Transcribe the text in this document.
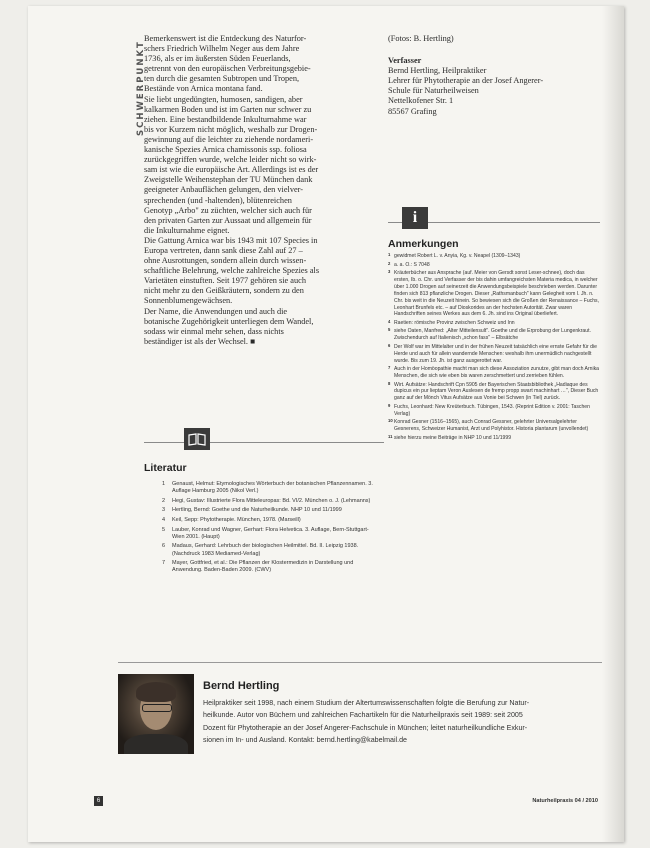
SCHWERPUNKT

Bemerkenswert ist die Entdeckung des Naturfor-

schers Friedrich Wilhelm Neger aus dem Jahre

1736, als er im äußersten Süden Feuerlands,

getrennt von den europäischen Verbreitungsgebie-

ten durch die gesamten Subtropen und Tropen,

Bestände von Arnica montana fand.

Sie liebt ungedüngten, humosen, sandigen, aber

kalkarmen Boden und ist im Garten nur schwer zu

ziehen. Eine bestandbildende Inkulturnahme war

bis vor Kurzem nicht möglich, weshalb zur Drogen-

gewinnung auf die leichter zu ziehende nordameri-

kanische Spezies Arnica chamissonis ssp. foliosa

zurückgegriffen wurde, welche leider nicht so wirk-

sam ist wie die europäische Art. Allerdings ist es der

Zweigstelle Weihenstephan der TU München dank

geeigneter Anbauflächen gelungen, den vielver-

sprechenden (und -haltenden), blütenreichen

Genotyp „Arbo" zu züchten, welcher sich auch für

den privaten Garten zur Aussaat und allgemein für

die Inkulturnahme eignet.

Die Gattung Arnica war bis 1943 mit 107 Species in

Europa vertreten, dann sank diese Zahl auf 27 –

ohne Ausrottungen, sondern allein durch wissen-

schaftliche Belehrung, welche zahlreiche Spezies als

Varietäten einstuften. Seit 1977 gehören sie auch

nicht mehr zu den Geißkräutern, sondern zu den

Sonnenblumengewächsen.

Der Name, die Anwendungen und auch die

botanische Zugehörigkeit unterliegen dem Wandel,

sodass wir einmal mehr sehen, dass nichts

beständiger ist als der Wechsel. ■

(Fotos: B. Hertling)
Verfasser
Bernd Hertling, Heilpraktiker
Lehrer für Phytotherapie an der Josef Angerer-
Schule für Naturheilweisen
Nettelkofener Str. 1
85567 Grafing
i
Anmerkungen
1 gewidmet Robert L. v. Anyia, Kg. v. Neapel (1309–1343)
2 a. a. O.: S 7048
3 Kräuterbücher aus Ansprache (auf. Meier von Gersdt sonst Leser-schnee), doch das ersten, Ib. o. Chr. und Verfasser der bis dahin umfangreichsten Materia medica, in welcher über 1.000 Drogen auf seinerzeit die Anwendungsbeispiele beschrieben werden. Darunter finden sich 813 pflanzliche Drogen. Dieser „Rathsmanbuch" kann Gelegheit vom I. Jh. n. Chr. bis weit in die Neuzeit hinein. So bewiesen sich die Großen der Renaissance – Fuchs, Leonhart Brunfels etc. – auf Dioskorides an der hochsten Autorität. Zwar waren Handschriften seines Werkes aus dem 6. Jh. sind ins Original überliefert.
4 Raetien: römische Provinz zwischen Schweiz und Inn
5 siehe Oaten, Manfred: „Alter Mitteilensult". Goethe und die Erprobung der Lungenkraut. Zwischendurch auf Italienisch „schon fass" – Elbsätche
6 Der Wolf war im Mittelalter und in der frühen Neuzeit tatsächlich eine ernste Gefahr für die Herde und auch für allein wandernde Menschen: weshalb ihm unermüdlich nachgestellt wurde. Bis zum 19. Jh. ist ganz ausgerottet war.
7 Auch in der Homöopathie macht man sich diese Assoziation zunutze, gibt man doch Arnika Menschen, die sich wie eben bis waren zerschmettert und zerrieben fühlen.
8 Wirt. Aufsätze: Handschrift Cpn 5905 der Bayerischen Staatsbibliothek „Hadiaque des dupicus ein pur lieptam Veron Auslesen de fremp propp swart machinhart …", Dieser Buch ganz auf der Mönch Vitus Aufsätze aus Vonie bei Schwen (in Tiel) zurück.
9 Fuchs, Leonhard: New Kreüterbuch. Tübingen, 1543. (Reprint Edition v. 2001: Taschen Verlag)
10 Konrad Gesner (1516–1565), auch Conrad Gessner, gelehrter Universalgelehrter Gesnerens, Schweizer Humanist, Arzt und Polyhistor. Historia plantarum (unvollendet)
11 siehe hierzu meine Beiträge in NHP 10 und 11/1999
Literatur
1 Genaust, Helmut: Etymologisches Wörterbuch der botanischen Pflanzennamen. 3. Auflage Hamburg 2005 (Nikol Verl.)
2 Hegi, Gustav: Illustrierte Flora Mitteleuropas: Bd. VI/2. München o. J. (Lehmanns)
3 Hertling, Bernd: Goethe und die Naturheilkunde. NHP 10 und 11/1999
4 Keil, Sepp: Phytotherapie. München, 1978. (Marseill)
5 Lauber, Konrad und Wagner, Gerhart: Flora Helvetica. 3. Auflage, Bern-Stuttgart-Wien 2001. (Haupt)
6 Madaus, Gerhard: Lehrbuch der biologischen Heilmittel. Bd. II. Leipzig 1938. (Nachdruck 1983 Mediamed-Verlag)
7 Mayer, Gottfried, et al.: Die Pflanzen der Klostermedizin in Darstellung und Anwendung. Baden-Baden 2009. (CWV)
Bernd Hertling
Heilpraktiker seit 1998, nach einem Studium der Altertumswissenschaften folgte die Berufung zur Natur-
heilkunde. Autor von Büchern und zahlreichen Fachartikeln für die Naturheilpraxis seit 1989: seit 2005
Dozent für Phytotherapie an der Josef Angerer-Fachschule in München; leitet naturheilkundliche Exkur-
sionen im In- und Ausland. Kontakt: bernd.hertling@kabelmail.de
6	Naturheilpraxis 04 / 2010
